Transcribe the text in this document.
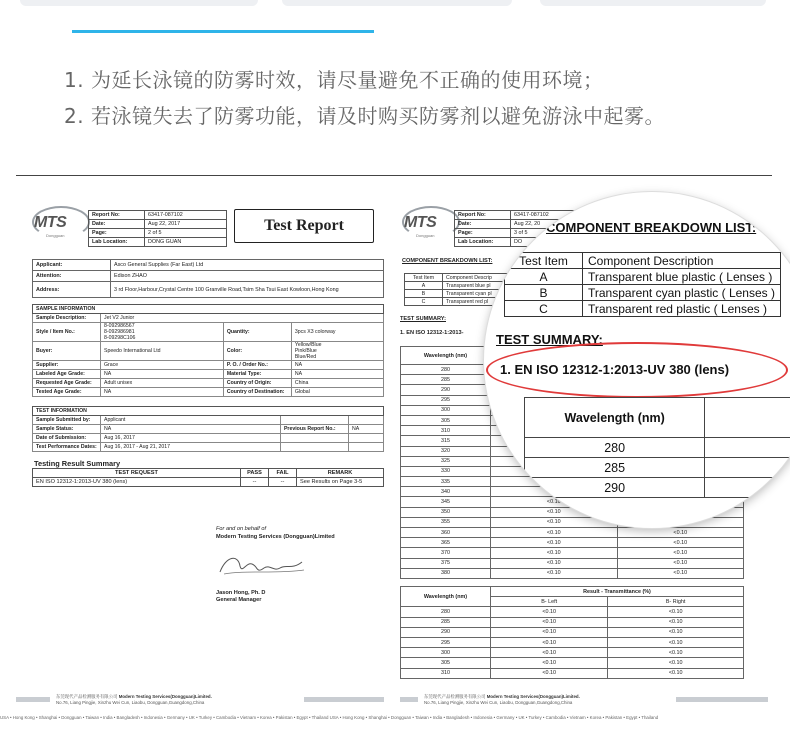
1. 为延长泳镜的防雾时效，请尽量避免不正确的使用环境；
2. 若泳镜失去了防雾功能，请及时购买防雾剂以避免游泳中起雾。
MTS
Dongguan
Report No:	63417-087102
Date:	Aug 22, 2017
Page:	2 of 5
Lab Location:	DONG GUAN
Test Report
Applicant:	Asco General Supplies (Far East) Ltd
Attention:	Edison ZHAO
Address:	3 rd Floor,Harbour,Crystal Centre 100 Granville Road,Tsim Sha Tsui East Kowloon,Hong Kong
SAMPLE INFORMATION			
Sample Description:	Jet V2 Junior		
Style / Item No.:	8-092986567
8-092986981
8-09298C106	Quantity:	3pcs X3 colorway
Buyer:	Speedo International Ltd	Color:	Yellow/Blue
Pink/Blue
Blue/Red

Supplier:	Grace	P. O. / Order No.:	NA
Labeled Age Grade:	NA	Material Type:	NA
Requested Age Grade:	Adult unisex	Country of Origin:	China
Tested Age Grade:	NA	Country of Destination:	Global
TEST INFORMATION			
Sample Submitted by:	Applicant		
Sample Status:	NA	Previous Report No.:	NA
Date of Submission:	Aug 16, 2017		
Test Performance Dates:	Aug 16, 2017 - Aug 21, 2017		
Testing Result Summary
TEST REQUEST	PASS	FAIL	REMARK
EN ISO 12312-1:2013-UV 380 (lens)	--	--	See Results on Page 3-5
For and on behalf of
Modern Testing Services (Dongguan)Limited
Jason Hong, Ph. D
General Manager
东莞现代产品检测服务有限公司 Modern Testing Services(Dongguan)Limited.
No.76, Liang Pingjie, Xinzhu Wei Cun, Liaobu, Dongguan,Guangdong,China
MTS
Dongguan
Report No:	63417-087102
Date:	Aug 22, 20
Page:	3 of 5
Lab Location:	DO
COMPONENT BREAKDOWN LIST:
Test Item	Component Descrip
A	Transparent blue pl
B	Transparent cyan pl
C	Transparent red pl
TEST SUMMARY:
1. EN ISO 12312-1:2013-
Wavelength (nm)		
280		
285		
290		
295		
300		
305		
310		
315		
320		
325		
330		
335		
340		
345	<0.10	
350	<0.10	
355	<0.10	
360	<0.10	<0.10
365	<0.10	<0.10
370	<0.10	<0.10
375	<0.10	<0.10
380	<0.10	<0.10
Wavelength (nm)	Result - Transmittance (%)	
	B- Left	B- Right
280	<0.10	<0.10
285	<0.10	<0.10
290	<0.10	<0.10
295	<0.10	<0.10
300	<0.10	<0.10
305	<0.10	<0.10
310	<0.10	<0.10
东莞现代产品检测服务有限公司 Modern Testing Services(Dongguan)Limited.
No.76, Liang Pingjie, Xinzhu Wei Cun, Liaobu, Dongguan,Guangdong,China
USA • Hong Kong • Shanghai • Dongguan • Taiwan • India • Bangladesh • Indonesia • Germany • UK • Turkey • Cambodia • Vietnam • Korea • Pakistan • Egypt • Thailand USA • Hong Kong • Shanghai • Dongguan • Taiwan • India • Bangladesh • Indonesia • Germany • UK • Turkey • Cambodia • Vietnam • Korea • Pakistan • Egypt • Thailand
COMPONENT BREAKDOWN LIST:
Test Item	Component Description
A	Transparent blue plastic ( Lenses )
B	Transparent cyan plastic ( Lenses )
C	Transparent red plastic ( Lenses )
TEST SUMMARY:
1. EN ISO 12312-1:2013-UV 380 (lens)
Wavelength (nm)	
280	
285	
290	
